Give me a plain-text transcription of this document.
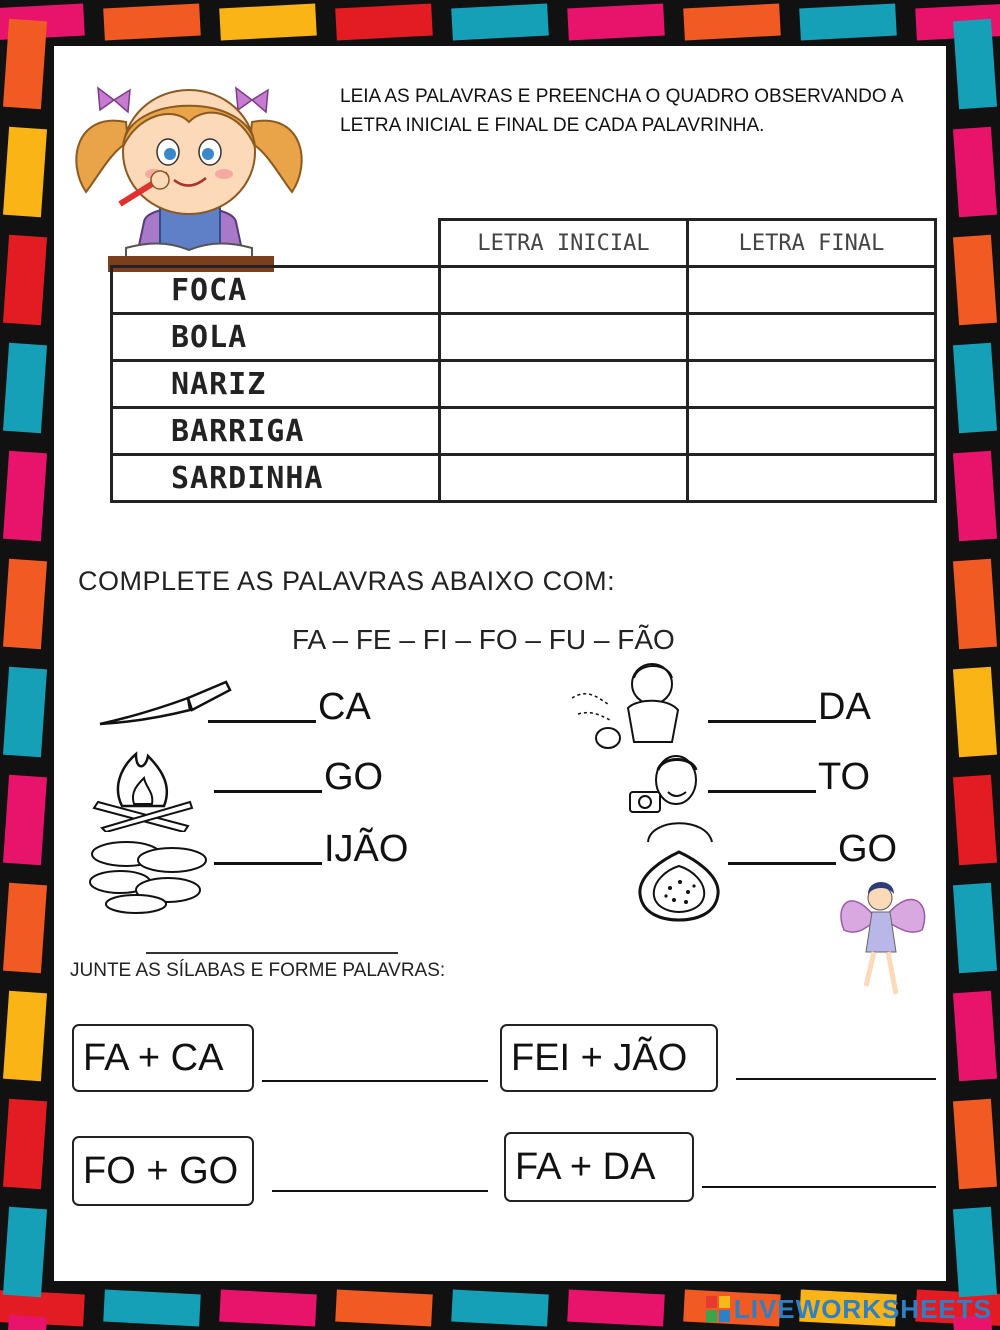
LEIA AS PALAVRAS E PREENCHA O QUADRO OBSERVANDO A LETRA INICIAL E FINAL DE CADA PALAVRINHA.
	LETRA INICIAL	LETRA FINAL
FOCA		
BOLA		
NARIZ		
BARRIGA		
SARDINHA		
COMPLETE AS PALAVRAS ABAIXO COM:
FA – FE – FI – FO – FU – FÃO
CA	DA
GO	TO
IJÃO	GO
JUNTE AS SÍLABAS E FORME PALAVRAS:
FA + CA	FEI + JÃO
FO + GO	FA + DA
LIVEWORKSHEETS
